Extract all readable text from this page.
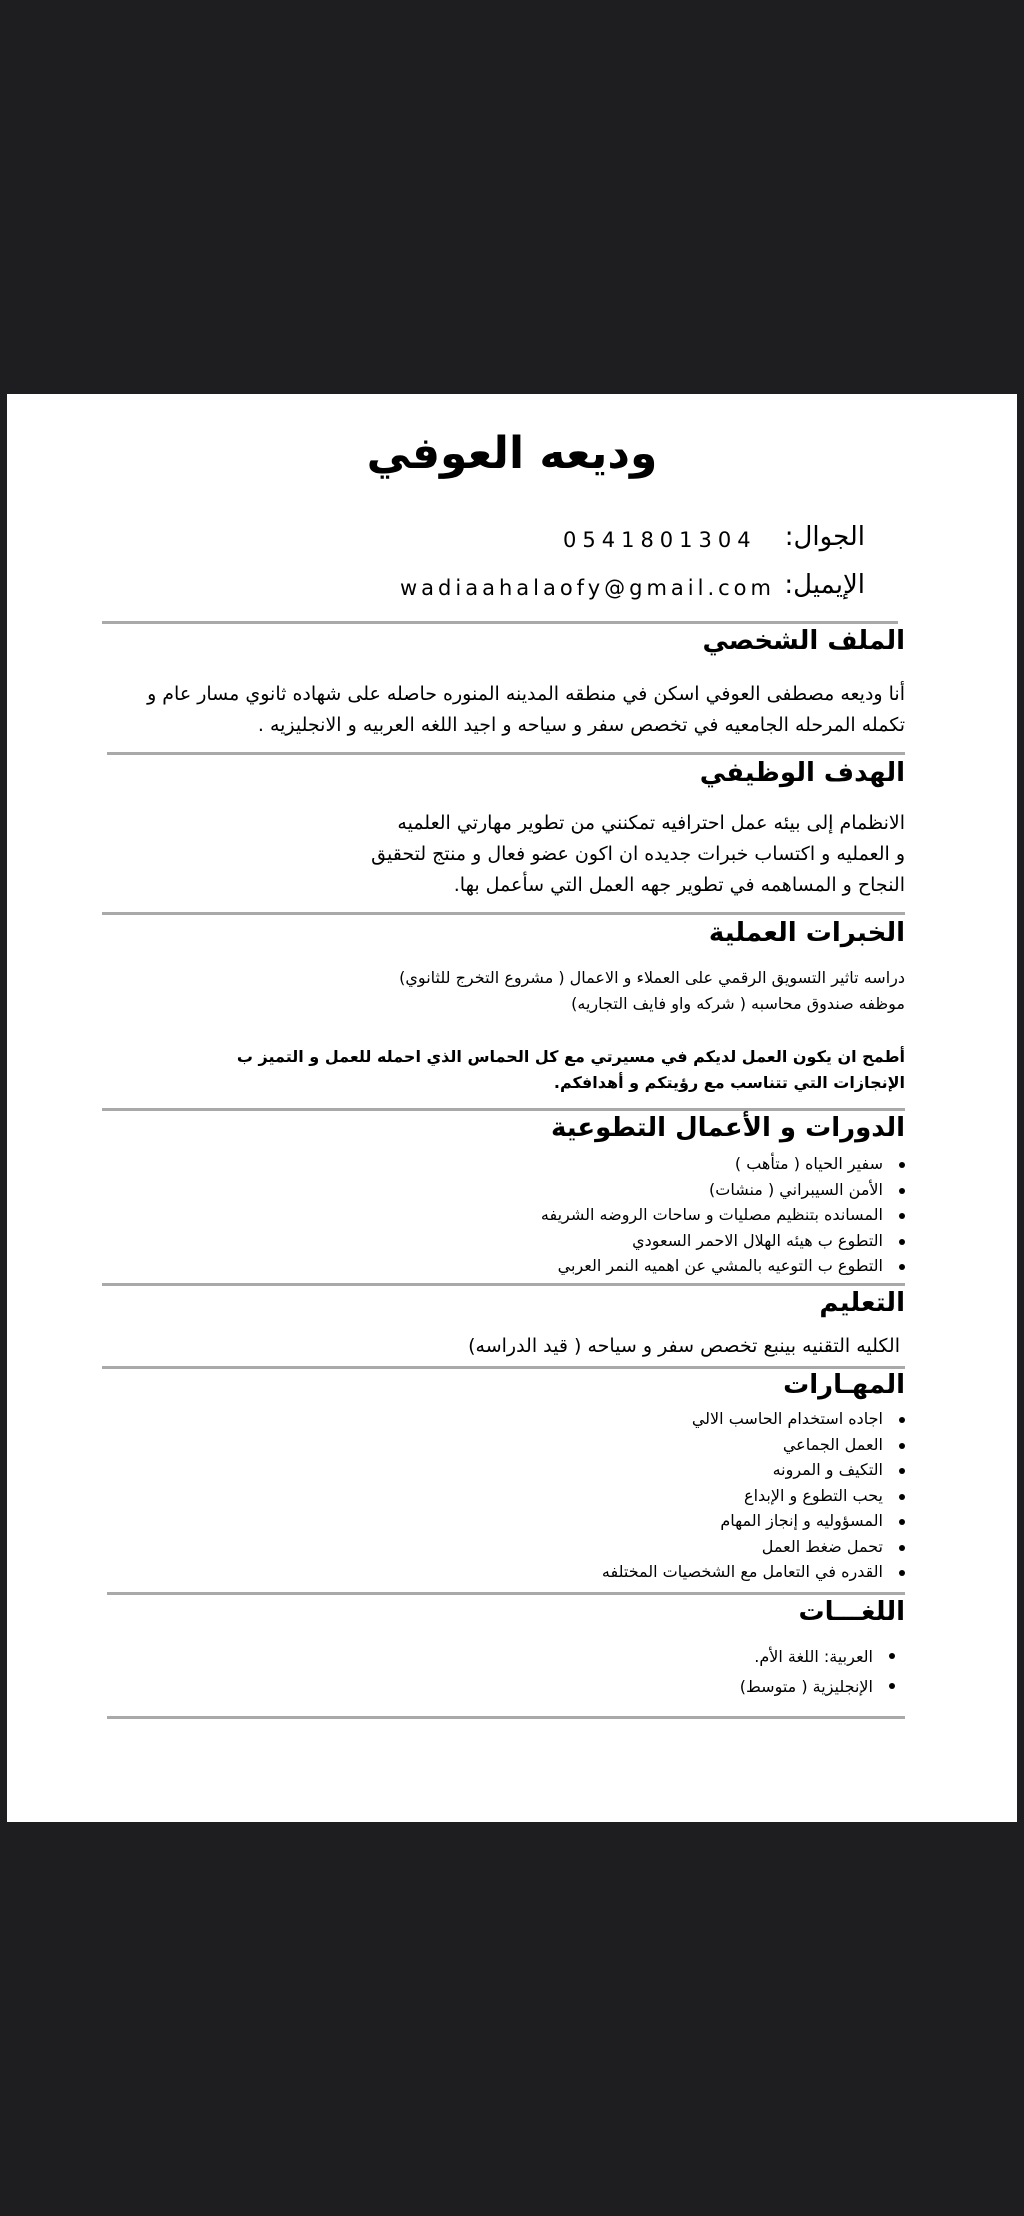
وديعه العوفي
الجوال:
0541801304
الإيميل:
wadiaahalaofy@gmail.com
الملف الشخصي
أنا وديعه مصطفى العوفي اسكن في منطقه المدينه المنوره حاصله على شهاده ثانوي مسار عام و تكمله المرحله الجامعيه في تخصص سفر و سياحه و اجيد اللغه العربيه و الانجليزيه .
الهدف الوظيفي
الانظمام إلى بيئه عمل احترافيه تمكنني من تطوير مهارتي العلميه
و العمليه و اكتساب خبرات جديده ان اكون عضو فعال و منتج لتحقيق
النجاح و المساهمه في تطوير جهه العمل التي سأعمل بها.
الخبرات العملية
دراسه تاثير التسويق الرقمي على العملاء و الاعمال ( مشروع التخرج للثانوي)
موظفه صندوق محاسبه ( شركه واو فايف التجاريه)
أطمح ان يكون العمل لديكم في مسيرتي مع كل الحماس الذي احمله للعمل و التميز ب
الإنجازات التي تتناسب مع رؤيتكم و أهدافكم.
الدورات و الأعمال التطوعية
سفير الحياه ( متأهب )
الأمن السيبراني ( منشات)
المسانده بتنظيم مصليات و ساحات الروضه الشريفه
التطوع ب هيئه الهلال الاحمر السعودي
التطوع ب التوعيه بالمشي عن اهميه النمر العربي
التعليم
الكليه التقنيه بينبع تخصص سفر و سياحه ( قيد الدراسه)
المهـارات
اجاده استخدام الحاسب الالي
العمل الجماعي
التكيف و المرونه
يحب التطوع و الإبداع
المسؤوليه و إنجاز المهام
تحمل ضغط العمل
القدره في التعامل مع الشخصيات المختلفه
اللغـــات
العربية: اللغة الأم.
الإنجليزية ( متوسط)
